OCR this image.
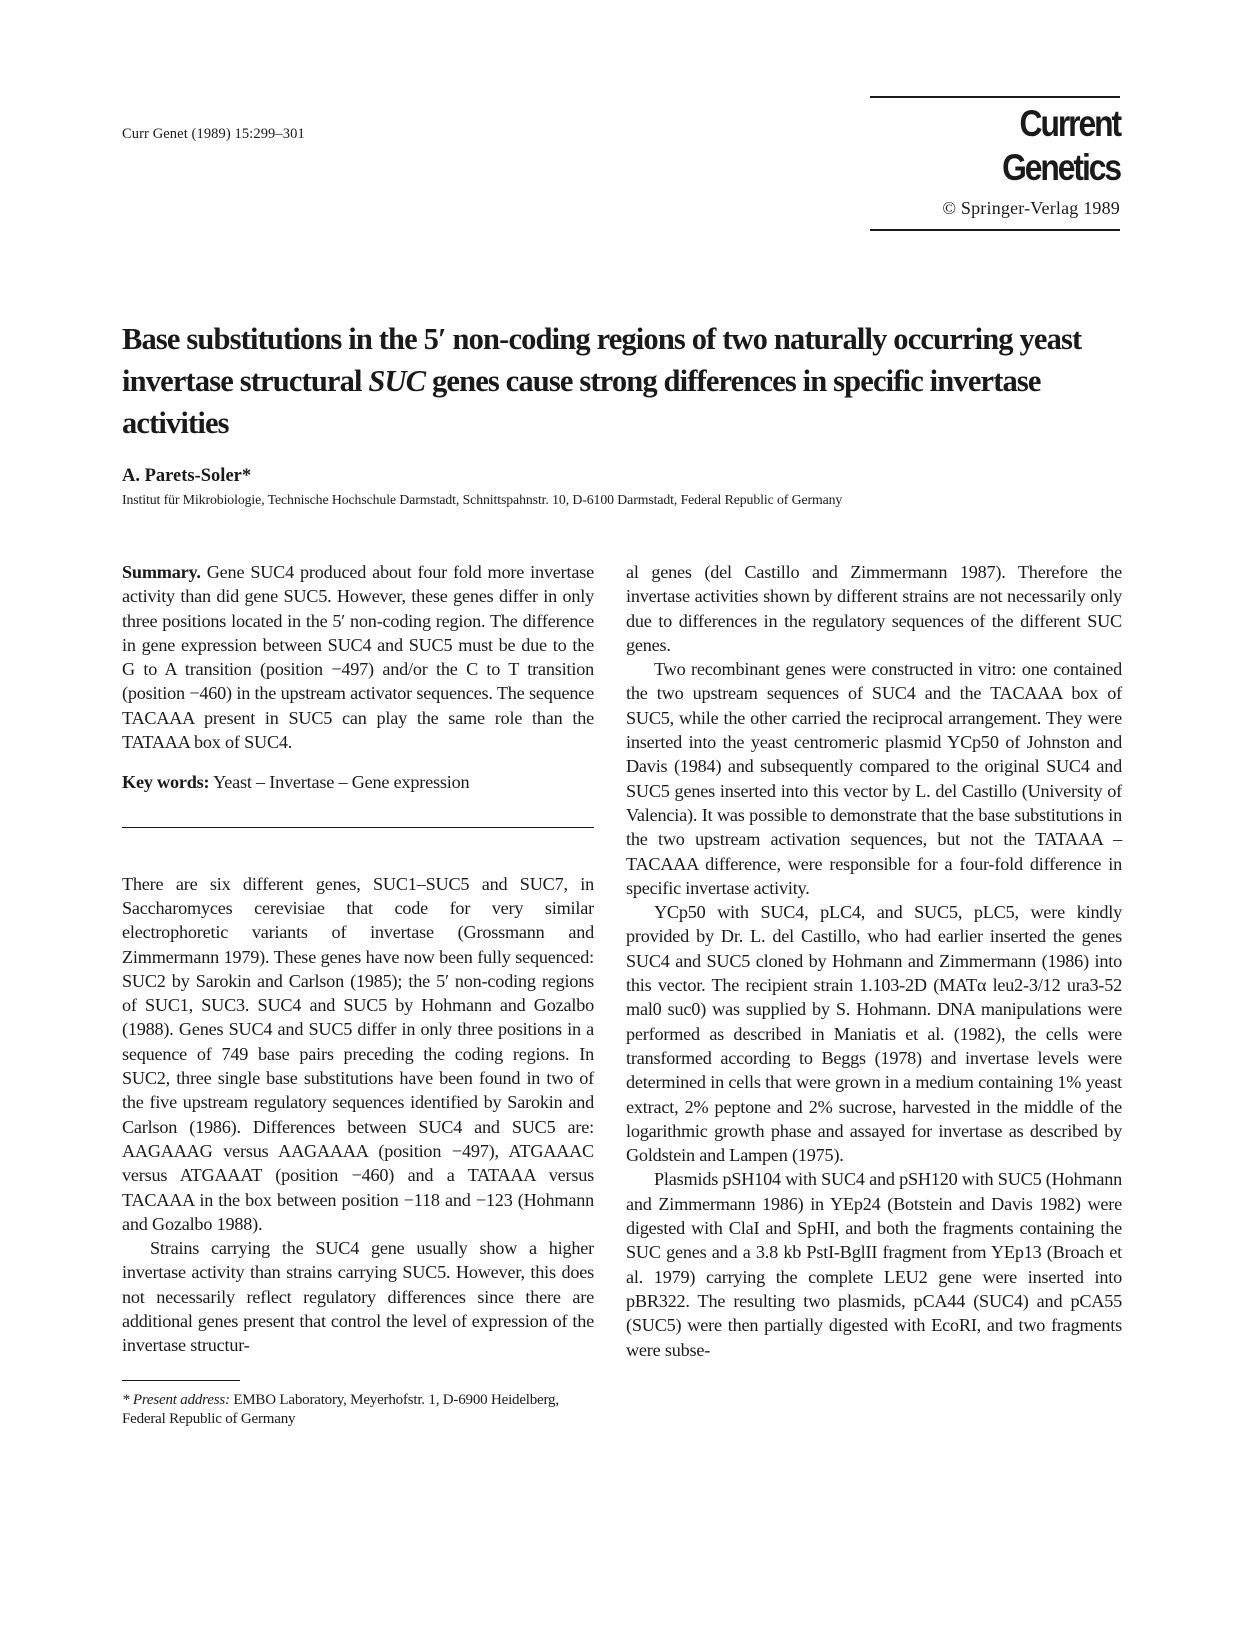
Curr Genet (1989) 15:299–301	Current Genetics
© Springer-Verlag 1989
Base substitutions in the 5′ non-coding regions of two naturally occurring yeast invertase structural SUC genes cause strong differences in specific invertase activities
A. Parets-Soler*
Institut für Mikrobiologie, Technische Hochschule Darmstadt, Schnittspahnstr. 10, D-6100 Darmstadt, Federal Republic of Germany

Summary. Gene SUC4 produced about four fold more invertase activity than did gene SUC5. However, these genes differ in only three positions located in the 5′ non-coding region. The difference in gene expression between SUC4 and SUC5 must be due to the G to A transition (position −497) and/or the C to T transition (position −460) in the upstream activator sequences. The sequence TACAAA present in SUC5 can play the same role than the TATAAA box of SUC4.

Key words: Yeast – Invertase – Gene expression

There are six different genes, SUC1–SUC5 and SUC7, in Saccharomyces cerevisiae that code for very similar electrophoretic variants of invertase (Grossmann and Zimmermann 1979). These genes have now been fully sequenced: SUC2 by Sarokin and Carlson (1985); the 5′ non-coding regions of SUC1, SUC3. SUC4 and SUC5 by Hohmann and Gozalbo (1988). Genes SUC4 and SUC5 differ in only three positions in a sequence of 749 base pairs preceding the coding regions. In SUC2, three single base substitutions have been found in two of the five upstream regulatory sequences identified by Sarokin and Carlson (1986). Differences between SUC4 and SUC5 are: AAGAAAG versus AAGAAAA (position −497), ATGAAAC versus ATGAAAT (position −460) and a TATAAA versus TACAAA in the box between position −118 and −123 (Hohmann and Gozalbo 1988).

Strains carrying the SUC4 gene usually show a higher invertase activity than strains carrying SUC5. However, this does not necessarily reflect regulatory differences since there are additional genes present that control the level of expression of the invertase structur-

* Present address: EMBO Laboratory, Meyerhofstr. 1, D-6900 Heidelberg, Federal Republic of Germany

al genes (del Castillo and Zimmermann 1987). Therefore the invertase activities shown by different strains are not necessarily only due to differences in the regulatory sequences of the different SUC genes.

Two recombinant genes were constructed in vitro: one contained the two upstream sequences of SUC4 and the TACAAA box of SUC5, while the other carried the reciprocal arrangement. They were inserted into the yeast centromeric plasmid YCp50 of Johnston and Davis (1984) and subsequently compared to the original SUC4 and SUC5 genes inserted into this vector by L. del Castillo (University of Valencia). It was possible to demonstrate that the base substitutions in the two upstream activation sequences, but not the TATAAA – TACAAA difference, were responsible for a four-fold difference in specific invertase activity.

YCp50 with SUC4, pLC4, and SUC5, pLC5, were kindly provided by Dr. L. del Castillo, who had earlier inserted the genes SUC4 and SUC5 cloned by Hohmann and Zimmermann (1986) into this vector. The recipient strain 1.103-2D (MATα leu2-3/12 ura3-52 mal0 suc0) was supplied by S. Hohmann. DNA manipulations were performed as described in Maniatis et al. (1982), the cells were transformed according to Beggs (1978) and invertase levels were determined in cells that were grown in a medium containing 1% yeast extract, 2% peptone and 2% sucrose, harvested in the middle of the logarithmic growth phase and assayed for invertase as described by Goldstein and Lampen (1975).

Plasmids pSH104 with SUC4 and pSH120 with SUC5 (Hohmann and Zimmermann 1986) in YEp24 (Botstein and Davis 1982) were digested with ClaI and SpHI, and both the fragments containing the SUC genes and a 3.8 kb PstI-BglII fragment from YEp13 (Broach et al. 1979) carrying the complete LEU2 gene were inserted into pBR322. The resulting two plasmids, pCA44 (SUC4) and pCA55 (SUC5) were then partially digested with EcoRI, and two fragments were subse-
